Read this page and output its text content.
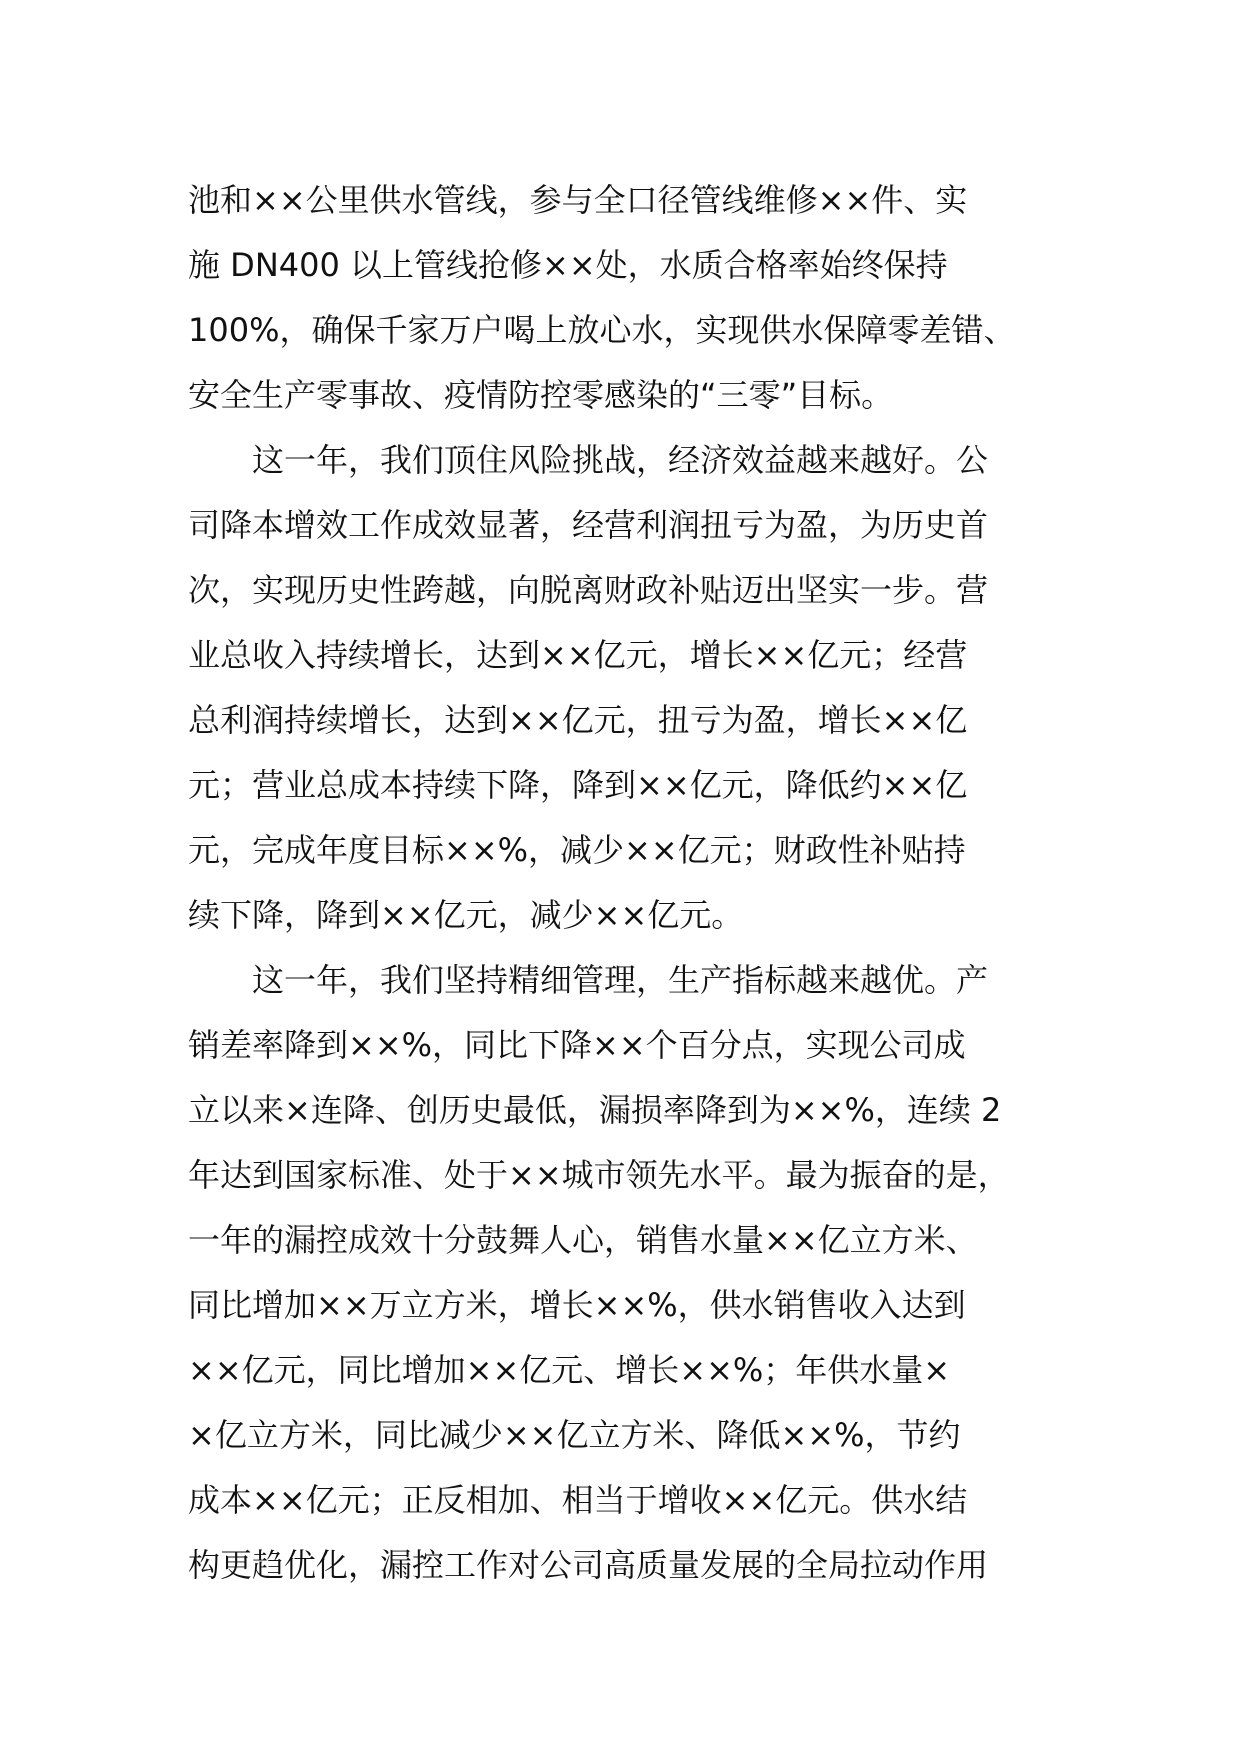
池和××公里供水管线，参与全口径管线维修××件、实
施 DN400 以上管线抢修××处，水质合格率始终保持
100%，确保千家万户喝上放心水，实现供水保障零差错、
安全生产零事故、疫情防控零感染的“三零”目标。
这一年，我们顶住风险挑战，经济效益越来越好。公
司降本增效工作成效显著，经营利润扭亏为盈，为历史首
次，实现历史性跨越，向脱离财政补贴迈出坚实一步。营
业总收入持续增长，达到××亿元，增长××亿元；经营
总利润持续增长，达到××亿元，扭亏为盈，增长××亿
元；营业总成本持续下降，降到××亿元，降低约××亿
元，完成年度目标××%，减少××亿元；财政性补贴持
续下降，降到××亿元，减少××亿元。
这一年，我们坚持精细管理，生产指标越来越优。产
销差率降到××%，同比下降××个百分点，实现公司成
立以来×连降、创历史最低，漏损率降到为××%，连续 2
年达到国家标准、处于××城市领先水平。最为振奋的是，
一年的漏控成效十分鼓舞人心，销售水量××亿立方米、
同比增加××万立方米，增长××%，供水销售收入达到
××亿元，同比增加××亿元、增长××%；年供水量×
×亿立方米，同比减少××亿立方米、降低××%，节约
成本××亿元；正反相加、相当于增收××亿元。供水结
构更趋优化，漏控工作对公司高质量发展的全局拉动作用
